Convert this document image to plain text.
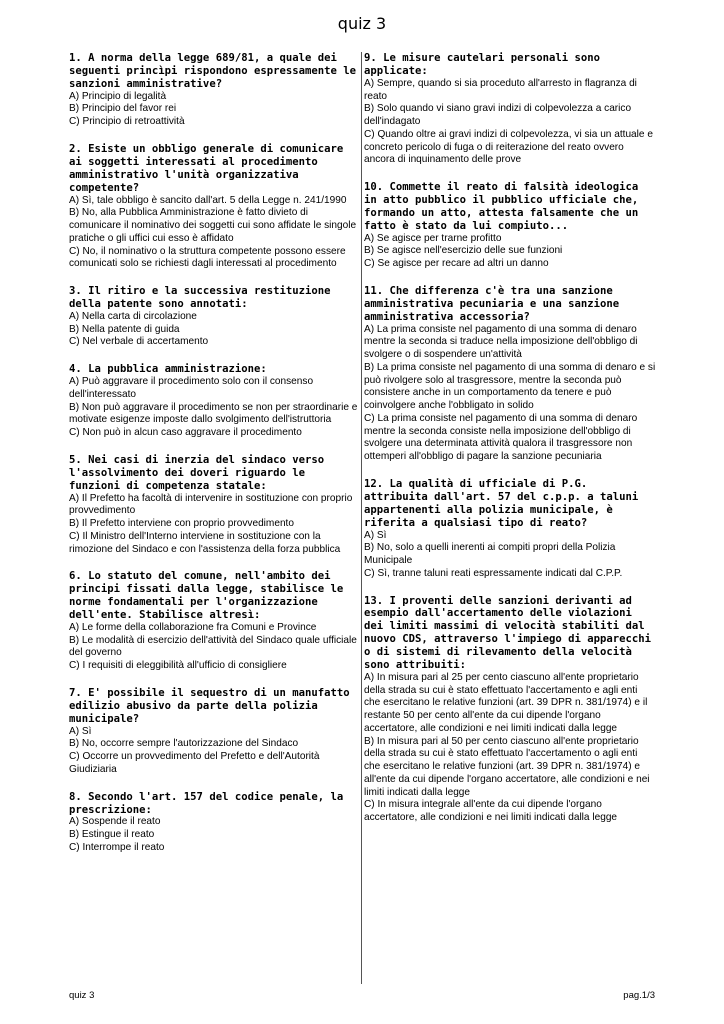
quiz 3

1. A norma della legge 689/81, a quale dei seguenti princìpi rispondono espressamente le sanzioni amministrative?

A) Principio di legalità

B) Principio del favor rei

C) Principio di retroattività

2. Esiste un obbligo generale di comunicare ai soggetti interessati al procedimento amministrativo l'unità organizzativa competente?

A) Sì, tale obbligo è sancito dall'art. 5 della Legge n. 241/1990

B) No, alla Pubblica Amministrazione è fatto divieto di comunicare il nominativo dei soggetti cui sono affidate le singole pratiche o gli uffici cui esso è affidato

C) No, il nominativo o la struttura competente possono essere comunicati solo se richiesti dagli interessati al procedimento

3. Il ritiro e la successiva restituzione della patente sono annotati:

A) Nella carta di circolazione

B) Nella patente di guida

C) Nel verbale di accertamento

4. La pubblica amministrazione:

A) Può aggravare il procedimento solo con il consenso dell'interessato

B) Non può aggravare il procedimento se non per straordinarie e motivate esigenze imposte dallo svolgimento dell'istruttoria

C) Non può in alcun caso aggravare il procedimento

5. Nei casi di inerzia del sindaco verso l'assolvimento dei doveri riguardo le funzioni di competenza statale:

A) Il Prefetto ha facoltà di intervenire in sostituzione con proprio provvedimento

B) Il Prefetto interviene con proprio provvedimento

C) Il Ministro dell'Interno interviene in sostituzione con la rimozione del Sindaco e con l'assistenza della forza pubblica

6. Lo statuto del comune, nell'ambito dei principi fissati dalla legge, stabilisce le norme fondamentali per l'organizzazione dell'ente. Stabilisce altresì:

A) Le forme della collaborazione fra Comuni e Province

B) Le modalità di esercizio dell'attività del Sindaco quale ufficiale del governo

C) I requisiti di eleggibilità all'ufficio di consigliere

7. E' possibile il sequestro di un manufatto edilizio abusivo da parte della polizia municipale?

A) Sì

B) No, occorre sempre l'autorizzazione del Sindaco

C) Occorre un provvedimento del Prefetto e dell'Autorità Giudiziaria

8. Secondo l'art. 157 del codice penale, la prescrizione:

A) Sospende il reato

B) Estingue il reato

C) Interrompe il reato

9. Le misure cautelari personali sono applicate:

A) Sempre, quando si sia proceduto all'arresto in flagranza di reato

B) Solo quando vi siano gravi indizi di colpevolezza a carico dell'indagato

C) Quando oltre ai gravi indizi di colpevolezza, vi sia un attuale e concreto pericolo di fuga o di reiterazione del reato ovvero ancora di inquinamento delle prove

10. Commette il reato di falsità ideologica in atto pubblico il pubblico ufficiale che, formando un atto, attesta falsamente che un fatto è stato da lui compiuto...

A) Se agisce per trarne profitto

B) Se agisce nell'esercizio delle sue funzioni

C) Se agisce per recare ad altri un danno

11. Che differenza c'è tra una sanzione amministrativa pecuniaria e una sanzione amministrativa accessoria?

A) La prima consiste nel pagamento di una somma di denaro mentre la seconda si traduce nella imposizione dell'obbligo di svolgere o di sospendere un'attività

B) La prima consiste nel pagamento di una somma di denaro e si può rivolgere solo al trasgressore, mentre la seconda può consistere anche in un comportamento da tenere e può coinvolgere anche l'obbligato in solido

C) La prima consiste nel pagamento di una somma di denaro mentre la seconda consiste nella imposizione dell'obbligo di svolgere una determinata attività qualora il trasgressore non ottemperi all'obbligo di pagare la sanzione pecuniaria

12. La qualità di ufficiale di P.G. attribuita dall'art. 57 del c.p.p. a taluni appartenenti alla polizia municipale, è riferita a qualsiasi tipo di reato?

A) Sì

B) No, solo a quelli inerenti ai compiti propri della Polizia Municipale

C) Sì, tranne taluni reati espressamente indicati dal C.P.P.

13. I proventi delle sanzioni derivanti ad esempio dall'accertamento delle violazioni dei limiti massimi di velocità stabiliti dal nuovo CDS, attraverso l'impiego di apparecchi o di sistemi di rilevamento della velocità sono attribuiti:

A) In misura pari al 25 per cento ciascuno all'ente proprietario della strada su cui è stato effettuato l'accertamento e agli enti che esercitano le relative funzioni (art. 39 DPR n. 381/1974) e il restante 50 per cento all'ente da cui dipende l'organo accertatore, alle condizioni e nei limiti indicati dalla legge

B) In misura pari al 50 per cento ciascuno all'ente proprietario della strada su cui è stato effettuato l'accertamento o agli enti che esercitano le relative funzioni (art. 39 DPR n. 381/1974) e all'ente da cui dipende l'organo accertatore, alle condizioni e nei limiti indicati dalla legge

C) In misura integrale all'ente da cui dipende l'organo accertatore, alle condizioni e nei limiti indicati dalla legge

quiz 3	pag.1/3
